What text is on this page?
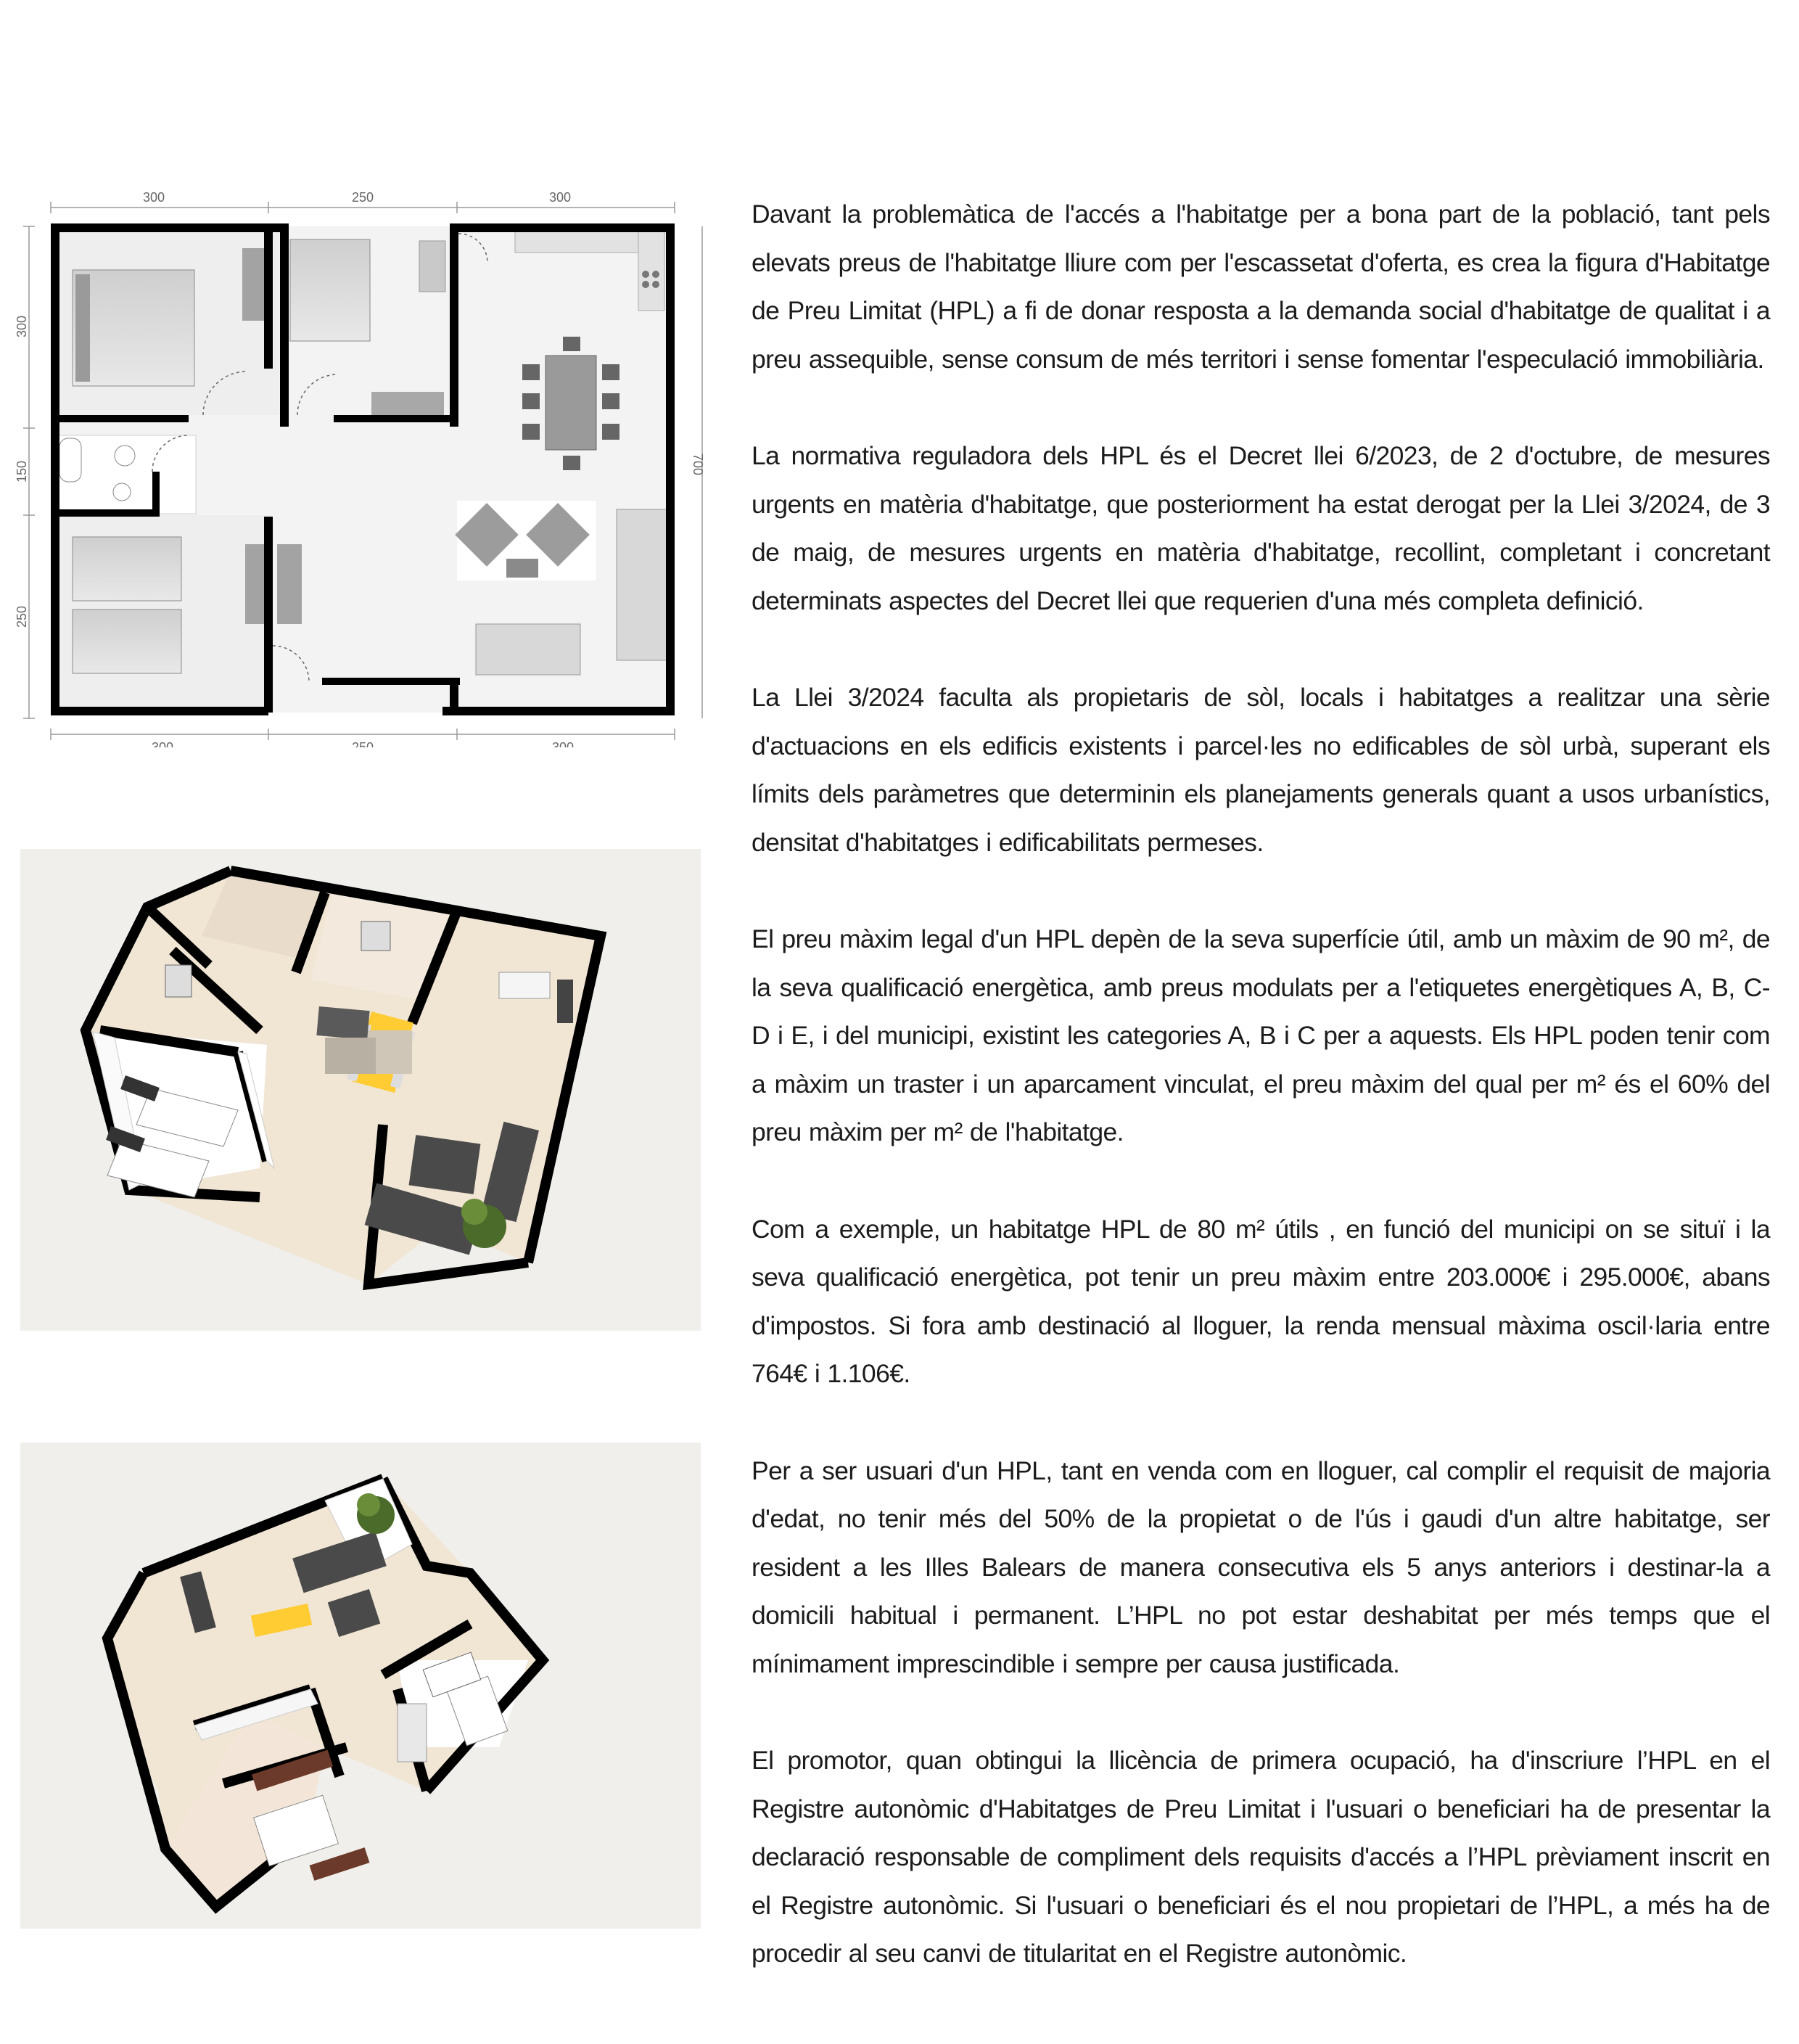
300	250	300
300	250	300
300
150
250
700

Davant la problemàtica de l'accés a l'habitatge per a bona part de la població, tant pels elevats preus de l'habitatge lliure com per l'escassetat d'oferta, es crea la figura d'Habitatge de Preu Limitat (HPL) a fi de donar resposta a la demanda social d'habitatge de qualitat i a preu assequible, sense consum de més territori i sense fomentar l'especulació immobiliària.

La normativa reguladora dels HPL és el Decret llei 6/2023, de 2 d'octubre, de mesures urgents en matèria d'habitatge, que posteriorment ha estat derogat per la Llei 3/2024, de 3 de maig, de mesures urgents en matèria d'habitatge, recollint, completant i concretant determinats aspectes del Decret llei que requerien d'una més completa definició.

La Llei 3/2024 faculta als propietaris de sòl, locals i habitatges a realitzar una sèrie d'actuacions en els edificis existents i parcel·les no edificables de sòl urbà, superant els límits dels paràmetres que determinin els planejaments generals quant a usos urbanístics, densitat d'habitatges i edificabilitats permeses.

El preu màxim legal d'un HPL depèn de la seva superfície útil, amb un màxim de 90 m², de la seva qualificació energètica, amb preus modulats per a l'etiquetes energètiques A, B, C-D i E, i del municipi, existint les categories A, B i C per a aquests. Els HPL poden tenir com a màxim un traster i un aparcament vinculat, el preu màxim del qual per m² és el 60% del preu màxim per m² de l'habitatge.

Com a exemple, un habitatge HPL de 80 m² útils , en funció del municipi on se situï i la seva qualificació energètica, pot tenir un preu màxim entre 203.000€ i 295.000€, abans d'impostos. Si fora amb destinació al lloguer, la renda mensual màxima oscil·laria entre 764€ i 1.106€.

Per a ser usuari d'un HPL, tant en venda com en lloguer, cal complir el requisit de majoria d'edat, no tenir més del 50% de la propietat o de l'ús i gaudi d'un altre habitatge, ser resident a les Illes Balears de manera consecutiva els 5 anys anteriors i destinar-la a domicili habitual i permanent. L’HPL no pot estar deshabitat per més temps que el mínimament imprescindible i sempre per causa justificada.

El promotor, quan obtingui la llicència de primera ocupació, ha d'inscriure l’HPL en el Registre autonòmic d'Habitatges de Preu Limitat i l'usuari o beneficiari ha de presentar la declaració responsable de compliment dels requisits d'accés a l’HPL prèviament inscrit en el Registre autonòmic. Si l'usuari o beneficiari és el nou propietari de l’HPL, a més ha de procedir al seu canvi de titularitat en el Registre autonòmic.
